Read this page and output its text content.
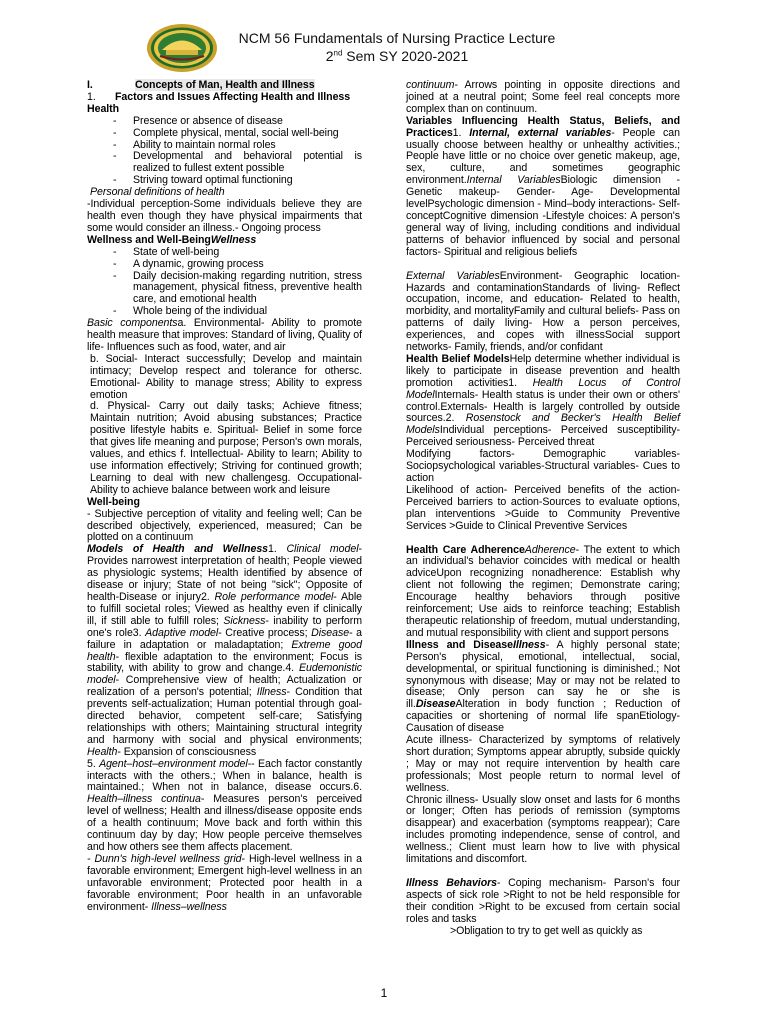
NCM 56 Fundamentals of Nursing Practice Lecture
2nd Sem SY 2020-2021

I.	Concepts of Man, Health and Illness

1.	Factors and Issues Affecting Health and Illness

Health

-	Presence or absence of disease
-	Complete physical, mental, social well-being
-	Ability to maintain normal roles
-	Developmental and behavioral potential is realized to fullest extent possible
-	Striving toward optimal functioning

Personal definitions of health

-Individual perception-Some individuals believe they are health even though they have physical impairments that some would consider an illness.- Ongoing process

Wellness and Well-BeingWellness

-	State of well-being
-	A dynamic, growing process
-	Daily decision-making regarding nutrition, stress management, physical fitness, preventive health care, and emotional health
-	Whole being of the individual

Basic componentsa. Environmental- Ability to promote health measure that improves: Standard of living, Quality of life- Influences such as food, water, and air

b. Social- Interact successfully; Develop and maintain intimacy; Develop respect and tolerance for othersc. Emotional- Ability to manage stress; Ability to express emotion

d. Physical- Carry out daily tasks; Achieve fitness; Maintain nutrition; Avoid abusing substances; Practice positive lifestyle habits e. Spiritual- Belief in some force that gives life meaning and purpose; Person's own morals, values, and ethics f. Intellectual- Ability to learn; Ability to use information effectively; Striving for continued growth; Learning to deal with new challengesg. Occupational- Ability to achieve balance between work and leisure

Well-being

- Subjective perception of vitality and feeling well; Can be described objectively, experienced, measured; Can be plotted on a continuum

Models of Health and Wellness1. Clinical model- Provides narrowest interpretation of health; People viewed as physiologic systems; Health identified by absence of disease or injury; State of not being "sick"; Opposite of health-Disease or injury2. Role performance model- Able to fulfill societal roles; Viewed as healthy even if clinically ill, if still able to fulfill roles; Sickness- inability to perform one's role3. Adaptive model- Creative process; Disease- a failure in adaptation or maladaptation; Extreme good health- flexible adaptation to the environment; Focus is stability, with ability to grow and change.4. Eudemonistic model- Comprehensive view of health; Actualization or realization of a person's potential; Illness- Condition that prevents self-actualization; Human potential through goal-directed behavior, competent self-care; Satisfying relationships with others; Maintaining structural integrity and harmony with social and physical environments; Health- Expansion of consciousness

5. Agent–host–environment model-- Each factor constantly interacts with the others.; When in balance, health is maintained.; When not in balance, disease occurs.6. Health–illness continua- Measures person's perceived level of wellness; Health and illness/disease opposite ends of a health continuum; Move back and forth within this continuum day by day; How people perceive themselves and how others see them affects placement.

- Dunn's high-level wellness grid- High-level wellness in a favorable environment; Emergent high-level wellness in an unfavorable environment; Protected poor health in a favorable environment; Poor health in an unfavorable environment- Illness–wellness

continuum- Arrows pointing in opposite directions and joined at a neutral point; Some feel real concepts more complex than on continuum.

Variables Influencing Health Status, Beliefs, and Practices1. Internal, external variables- People can usually choose between healthy or unhealthy activities.; People have little or no choice over genetic makeup, age, sex, culture, and sometimes geographic environment.Internal VariablesBiologic dimension - Genetic makeup- Gender- Age- Developmental levelPsychologic dimension - Mind–body interactions- Self-conceptCognitive dimension -Lifestyle choices: A person's general way of living, including conditions and individual patterns of behavior influenced by social and personal factors- Spiritual and religious beliefs

External VariablesEnvironment- Geographic location- Hazards and contaminationStandards of living- Reflect occupation, income, and education- Related to health, morbidity, and mortalityFamily and cultural beliefs- Pass on patterns of daily living- How a person perceives, experiences, and copes with illnessSocial support networks- Family, friends, and/or confidant

Health Belief ModelsHelp determine whether individual is likely to participate in disease prevention and health promotion activities1. Health Locus of Control ModelInternals- Health status is under their own or others' control.Externals- Health is largely controlled by outside sources.2. Rosenstock and Becker's Health Belief ModelsIndividual perceptions- Perceived susceptibility- Perceived seriousness- Perceived threat

Modifying factors- Demographic variables- Sociopsychological variables-Structural variables- Cues to action

Likelihood of action- Perceived benefits of the action- Perceived barriers to action-Sources to evaluate options, plan interventions >Guide to Community Preventive Services >Guide to Clinical Preventive Services

Health Care AdherenceAdherence- The extent to which an individual's behavior coincides with medical or health adviceUpon recognizing nonadherence: Establish why client not following the regimen; Demonstrate caring; Encourage healthy behaviors through positive reinforcement; Use aids to reinforce teaching; Establish therapeutic relationship of freedom, mutual understanding, and mutual responsibility with client and support persons

Illness and DiseaseIllness- A highly personal state; Person's physical, emotional, intellectual, social, developmental, or spiritual functioning is diminished.; Not synonymous with disease; May or may not be related to disease; Only person can say he or she is ill.DiseaseAlteration in body function ; Reduction of capacities or shortening of normal life spanEtiology- Causation of disease

Acute illness- Characterized by symptoms of relatively short duration; Symptoms appear abruptly, subside quickly ; May or may not require intervention by health care professionals; Most people return to normal level of wellness.

Chronic illness- Usually slow onset and lasts for 6 months or longer; Often has periods of remission (symptoms disappear) and exacerbation (symptoms reappear); Care includes promoting independence, sense of control, and wellness.; Client must learn how to live with physical limitations and discomfort.

Illness Behaviors- Coping mechanism- Parson's four aspects of sick role >Right to not be held responsible for their condition >Right to be excused from certain social roles and tasks

>Obligation to try to get well as quickly as

1
